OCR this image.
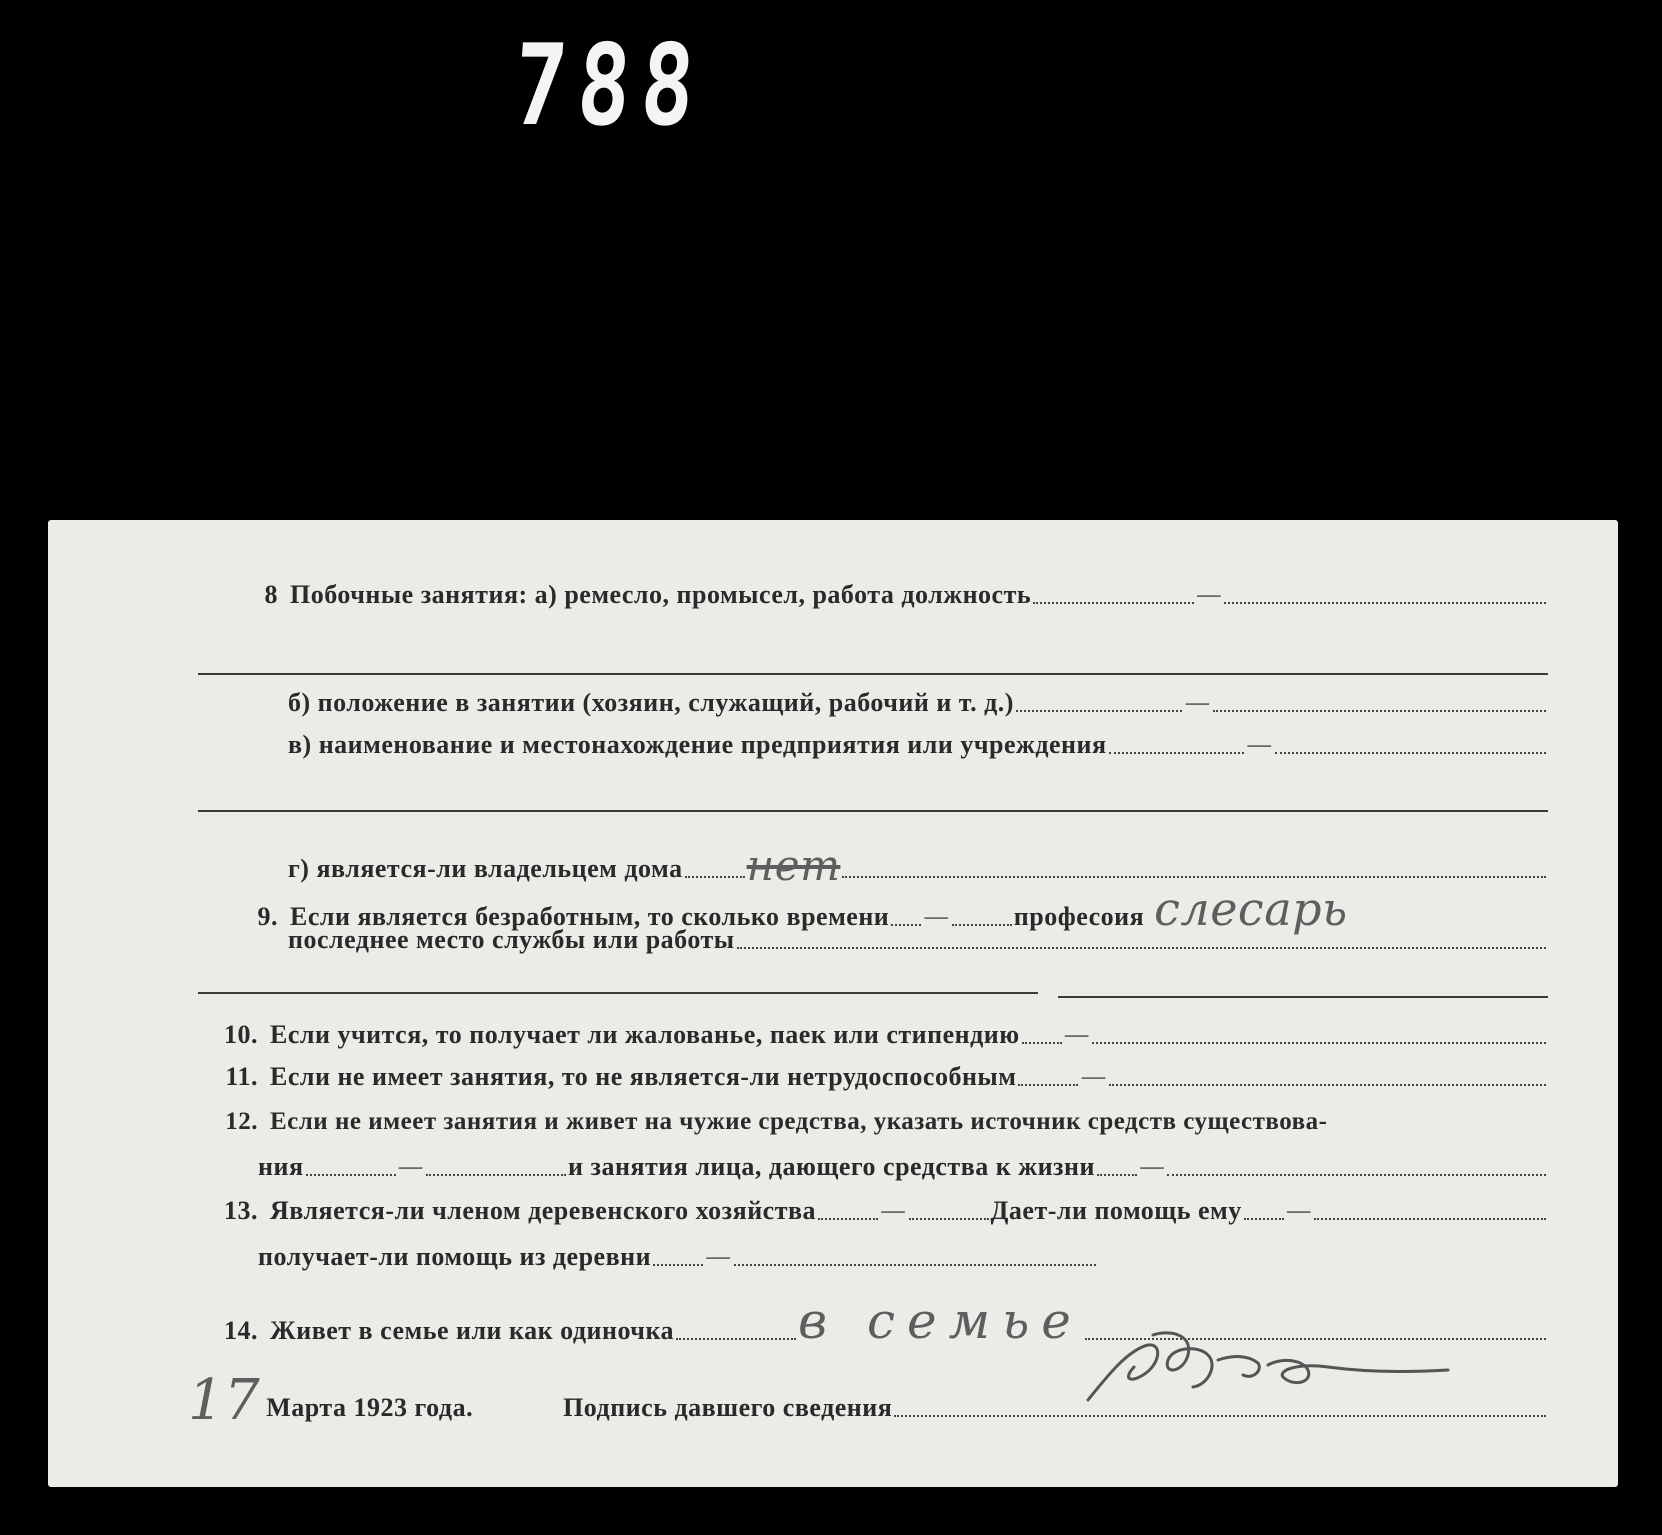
788
8 Побочные занятия: а) ремесло, промысел, работа должность	—
б) положение в занятии (хозяин, служащий, рабочий и т. д.)	—
в) наименование и местонахождение предприятия или учреждения	—
г) является-ли владельцем дома нет
9. Если является безработным, то сколько времени — професоия слесарь
последнее место службы или работы
10. Если учится, то получает ли жалованье, паек или стипендию —
11. Если не имеет занятия, то не является-ли нетрудоспособным —
12. Если не имеет занятия и живет на чужие средства, указать источник средств существова-
ния	—	и занятия лица, дающего средства к жизни —
13. Является-ли членом деревенского хозяйства —	Дает-ли помощь ему —
получает-ли помощь из деревни —
14. Живет в семье или как одиночка в семье
17 Марта 1923 года.	Подпись давшего сведения
